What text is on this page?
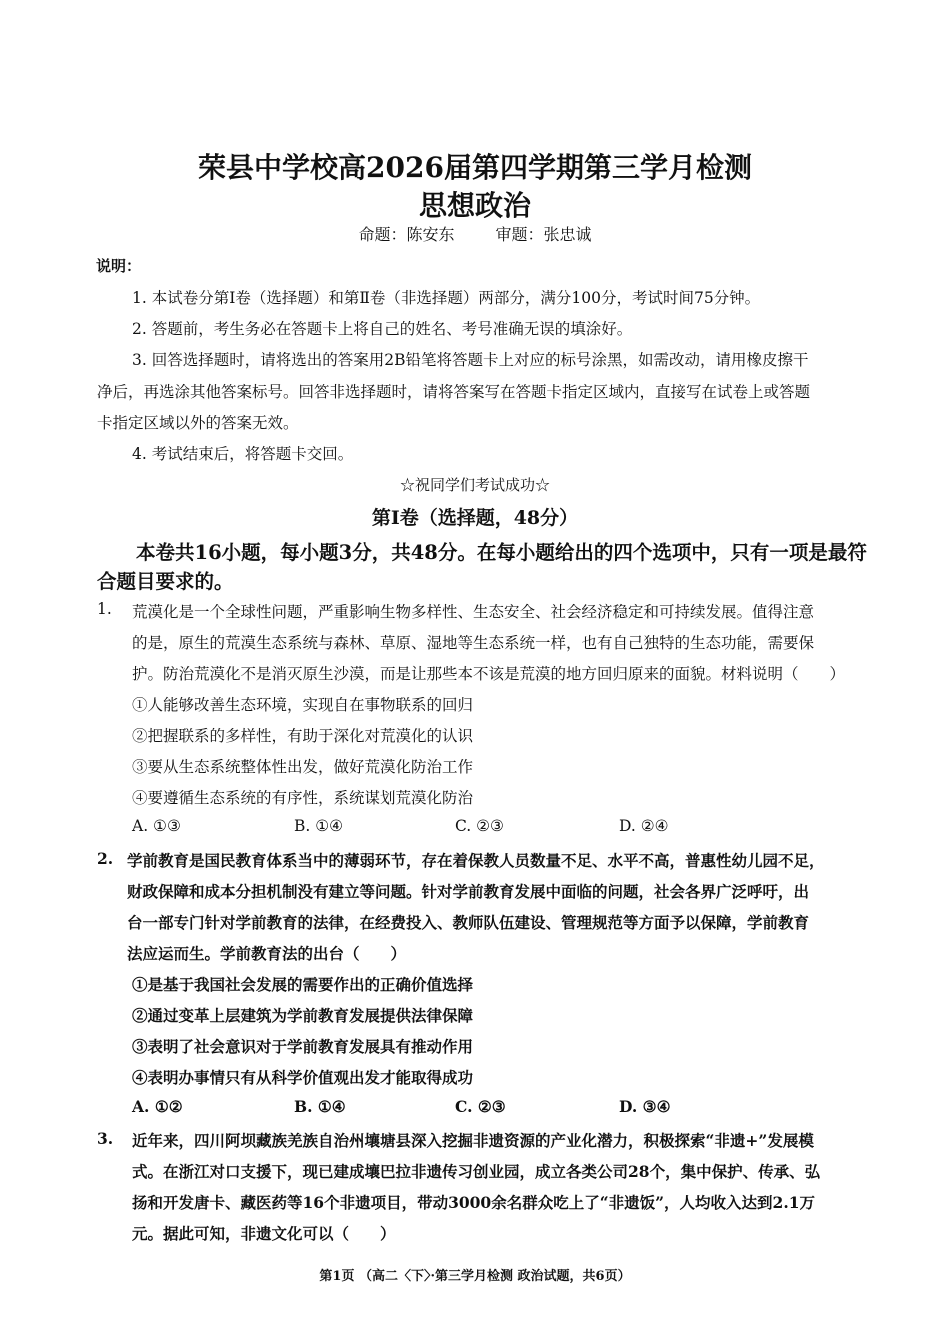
荣县中学校高2026届第四学期第三学月检测
思想政治
命题：陈安东	审题：张忠诚
说明：
1. 本试卷分第Ⅰ卷（选择题）和第Ⅱ卷（非选择题）两部分，满分100分，考试时间75分钟。
2. 答题前，考生务必在答题卡上将自己的姓名、考号准确无误的填涂好。
3. 回答选择题时，请将选出的答案用2B铅笔将答题卡上对应的标号涂黑，如需改动，请用橡皮擦干
净后，再选涂其他答案标号。回答非选择题时，请将答案写在答题卡指定区域内，直接写在试卷上或答题
卡指定区域以外的答案无效。
4. 考试结束后，将答题卡交回。
☆祝同学们考试成功☆
第Ⅰ卷（选择题，48分）
本卷共16小题，每小题3分，共48分。在每小题给出的四个选项中，只有一项是最符
合题目要求的。
1. 荒漠化是一个全球性问题，严重影响生物多样性、生态安全、社会经济稳定和可持续发展。值得注意
的是，原生的荒漠生态系统与森林、草原、湿地等生态系统一样，也有自己独特的生态功能，需要保
护。防治荒漠化不是消灭原生沙漠，而是让那些本不该是荒漠的地方回归原来的面貌。材料说明（　　）
①人能够改善生态环境，实现自在事物联系的回归
②把握联系的多样性，有助于深化对荒漠化的认识
③要从生态系统整体性出发，做好荒漠化防治工作
④要遵循生态系统的有序性，系统谋划荒漠化防治
A. ①③	B. ①④	C. ②③	D. ②④
2. 学前教育是国民教育体系当中的薄弱环节，存在着保教人员数量不足、水平不高，普惠性幼儿园不足，
财政保障和成本分担机制没有建立等问题。针对学前教育发展中面临的问题，社会各界广泛呼吁，出
台一部专门针对学前教育的法律，在经费投入、教师队伍建设、管理规范等方面予以保障，学前教育
法应运而生。学前教育法的出台（　　）
①是基于我国社会发展的需要作出的正确价值选择
②通过变革上层建筑为学前教育发展提供法律保障
③表明了社会意识对于学前教育发展具有推动作用
④表明办事情只有从科学价值观出发才能取得成功
A. ①②	B. ①④	C. ②③	D. ③④
3. 近年来，四川阿坝藏族羌族自治州壤塘县深入挖掘非遗资源的产业化潜力，积极探索“非遗+”发展模
式。在浙江对口支援下，现已建成壤巴拉非遗传习创业园，成立各类公司28个，集中保护、传承、弘
扬和开发唐卡、藏医药等16个非遗项目，带动3000余名群众吃上了“非遗饭”，人均收入达到2.1万
元。据此可知，非遗文化可以（　　）
第1页 （高二〈下〉·第三学月检测 政治试题，共6页）
